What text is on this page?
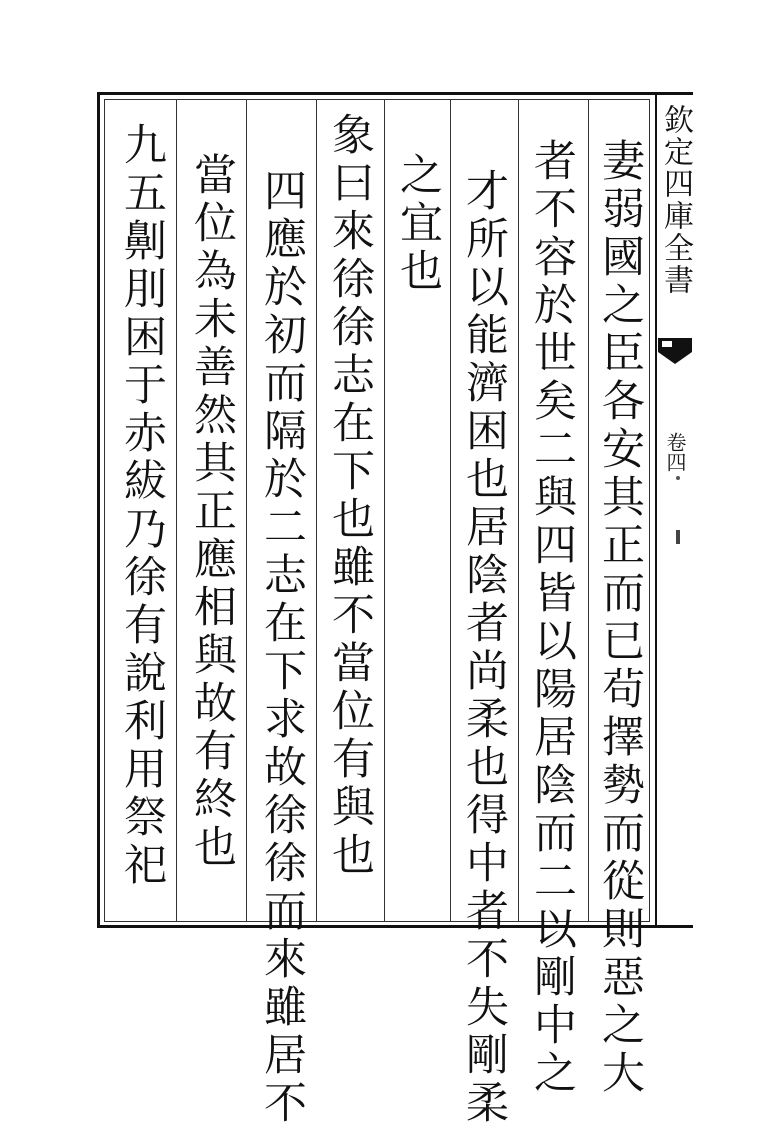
妻弱國之臣各安其正而已茍擇勢而從則惡之大
者不容於世矣二與四皆以陽居陰而二以剛中之
才所以能濟困也居陰者尚柔也得中者不失剛柔
之宜也
象曰來徐徐志在下也雖不當位有與也
四應於初而隔於二志在下求故徐徐而來雖居不
當位為未善然其正應相與故有終也
九五劓刖困于赤紱乃徐有說利用祭祀	欽定四庫全書
卷四
